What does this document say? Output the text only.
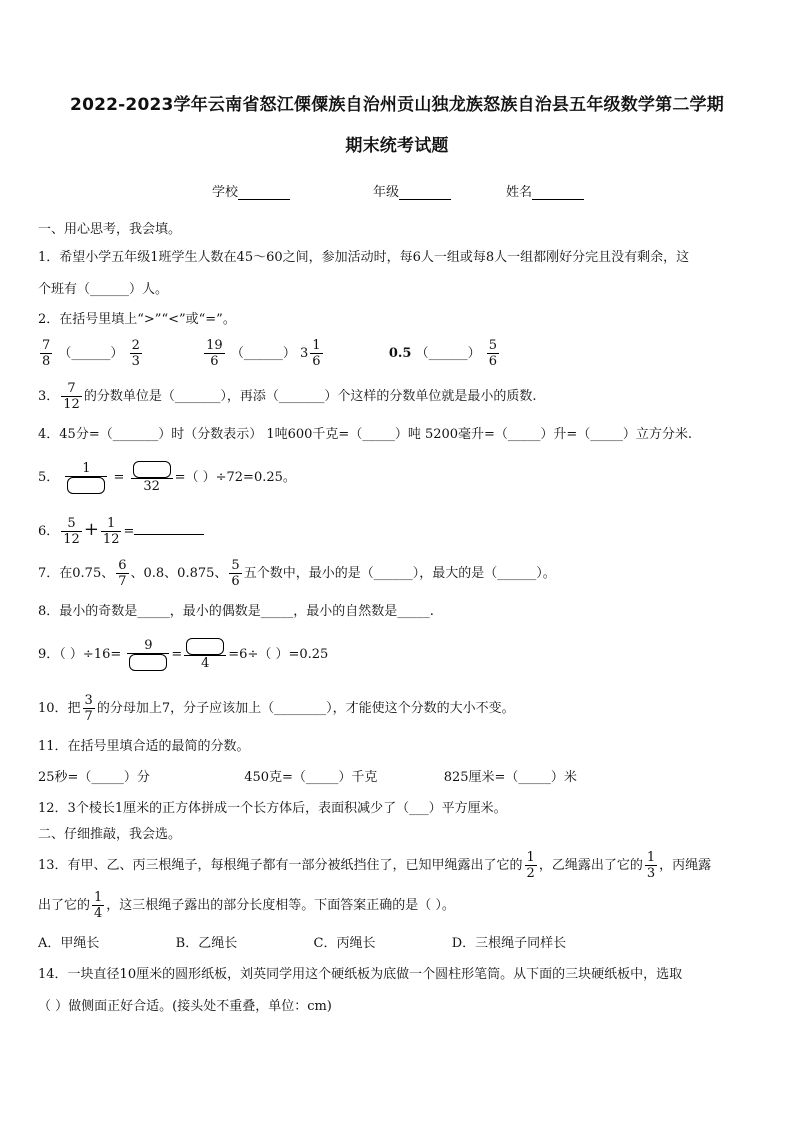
2022-2023学年云南省怒江傈僳族自治州贡山独龙族怒族自治县五年级数学第二学期
期末统考试题
学校	年级	姓名
一、用心思考，我会填。
1．希望小学五年级1班学生人数在45～60之间，参加活动时，每6人一组或每8人一组都刚好分完且没有剩余，这
个班有（______）人。
2．在括号里填上“>”“<”或“=”。
$\frac{7}{8}$ （______） $\frac{2}{3}$
	$\frac{19}{6}$ （______） $3 \frac{1}{6}$	0.5 （______） $\frac{5}{6}$
3． $\frac{7}{12}$ 的分数单位是（_______），再添（_______）个这样的分数单位就是最小的质数.
4．45分=（_______）时（分数表示） 1吨600千克=（_____）吨 5200毫升=（_____）升=（_____）立方分米.
5．
1
=
32
=（ ）÷72=0.25。
6． $\frac{5}{12} + \frac{1}{12}$ =
7．在0.75、 $\frac{6}{7}$ 、0.8、0.875、 $\frac{5}{6}$ 五个数中，最小的是（______），最大的是（______）。
8．最小的奇数是_____，最小的偶数是_____，最小的自然数是_____.
9．（ ）÷16=
9
=
4
=6÷（ ）=0.25
10．把 $\frac{3}{7}$ 的分母加上7，分子应该加上（________），才能使这个分数的大小不变。
11．在括号里填合适的最简的分数。
25秒=（_____）分	450克=（_____）千克	825厘米=（_____）米
12．3个棱长1厘米的正方体拼成一个长方体后，表面积减少了（___）平方厘米。
二、仔细推敲，我会选。
13．有甲、乙、丙三根绳子，每根绳子都有一部分被纸挡住了，已知甲绳露出了它的 $\frac{1}{2}$ ，乙绳露出了它的 $\frac{1}{3}$ ，丙绳露
出了它的 $\frac{1}{4}$ ，这三根绳子露出的部分长度相等。下面答案正确的是（ ）。
A．甲绳长	B．乙绳长	C．丙绳长	D．三根绳子同样长
14．一块直径10厘米的圆形纸板，刘英同学用这个硬纸板为底做一个圆柱形笔筒。从下面的三块硬纸板中，选取
（ ）做侧面正好合适。(接头处不重叠，单位：cm)
